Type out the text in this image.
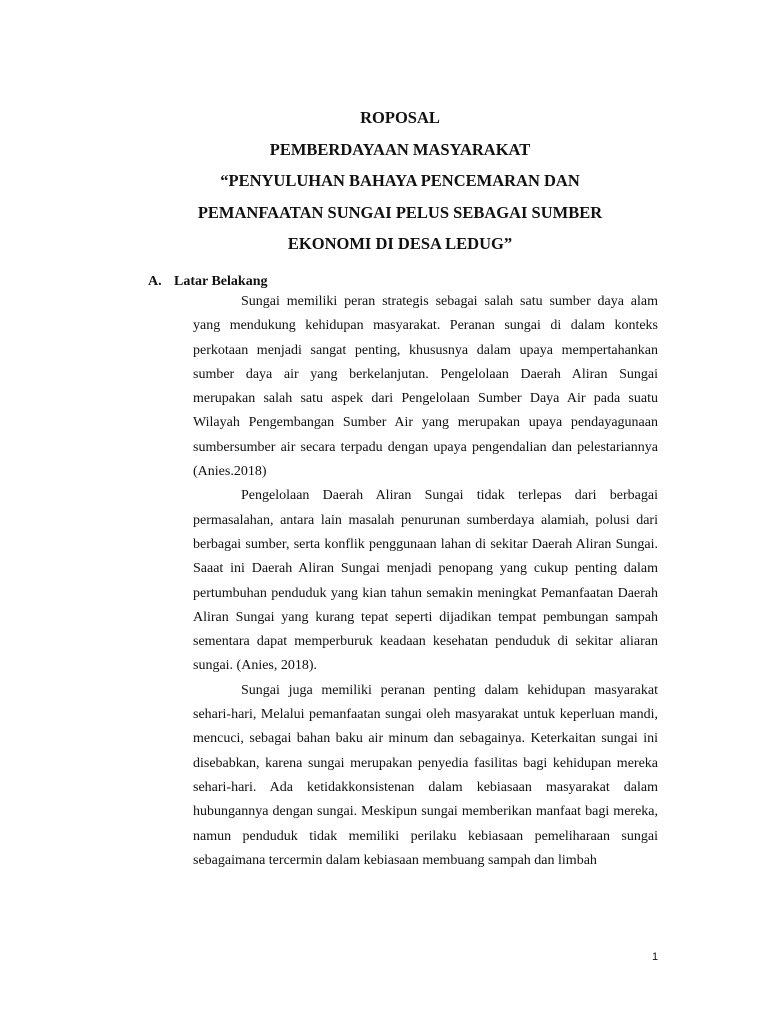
ROPOSAL
PEMBERDAYAAN MASYARAKAT
“PENYULUHAN BAHAYA PENCEMARAN DAN
PEMANFAATAN SUNGAI PELUS SEBAGAI SUMBER
EKONOMI DI DESA LEDUG”
A. Latar Belakang

Sungai memiliki peran strategis sebagai salah satu sumber daya alam yang mendukung kehidupan masyarakat. Peranan sungai di dalam konteks perkotaan menjadi sangat penting, khususnya dalam upaya mempertahankan sumber daya air yang berkelanjutan. Pengelolaan Daerah Aliran Sungai merupakan salah satu aspek dari Pengelolaan Sumber Daya Air pada suatu Wilayah Pengembangan Sumber Air yang merupakan upaya pendayagunaan sumbersumber air secara terpadu dengan upaya pengendalian dan pelestariannya (Anies.2018)

Pengelolaan Daerah Aliran Sungai tidak terlepas dari berbagai permasalahan, antara lain masalah penurunan sumberdaya alamiah, polusi dari berbagai sumber, serta konflik penggunaan lahan di sekitar Daerah Aliran Sungai. Saaat ini Daerah Aliran Sungai menjadi penopang yang cukup penting dalam pertumbuhan penduduk yang kian tahun semakin meningkat Pemanfaatan Daerah Aliran Sungai yang kurang tepat seperti dijadikan tempat pembungan sampah sementara dapat memperburuk keadaan kesehatan penduduk di sekitar aliaran sungai. (Anies, 2018).

Sungai juga memiliki peranan penting dalam kehidupan masyarakat sehari-hari, Melalui pemanfaatan sungai oleh masyarakat untuk keperluan mandi, mencuci, sebagai bahan baku air minum dan sebagainya. Keterkaitan sungai ini disebabkan, karena sungai merupakan penyedia fasilitas bagi kehidupan mereka sehari-hari. Ada ketidakkonsistenan dalam kebiasaan masyarakat dalam hubungannya dengan sungai. Meskipun sungai memberikan manfaat bagi mereka, namun penduduk tidak memiliki perilaku kebiasaan pemeliharaan sungai sebagaimana tercermin dalam kebiasaan membuang sampah dan limbah

1
